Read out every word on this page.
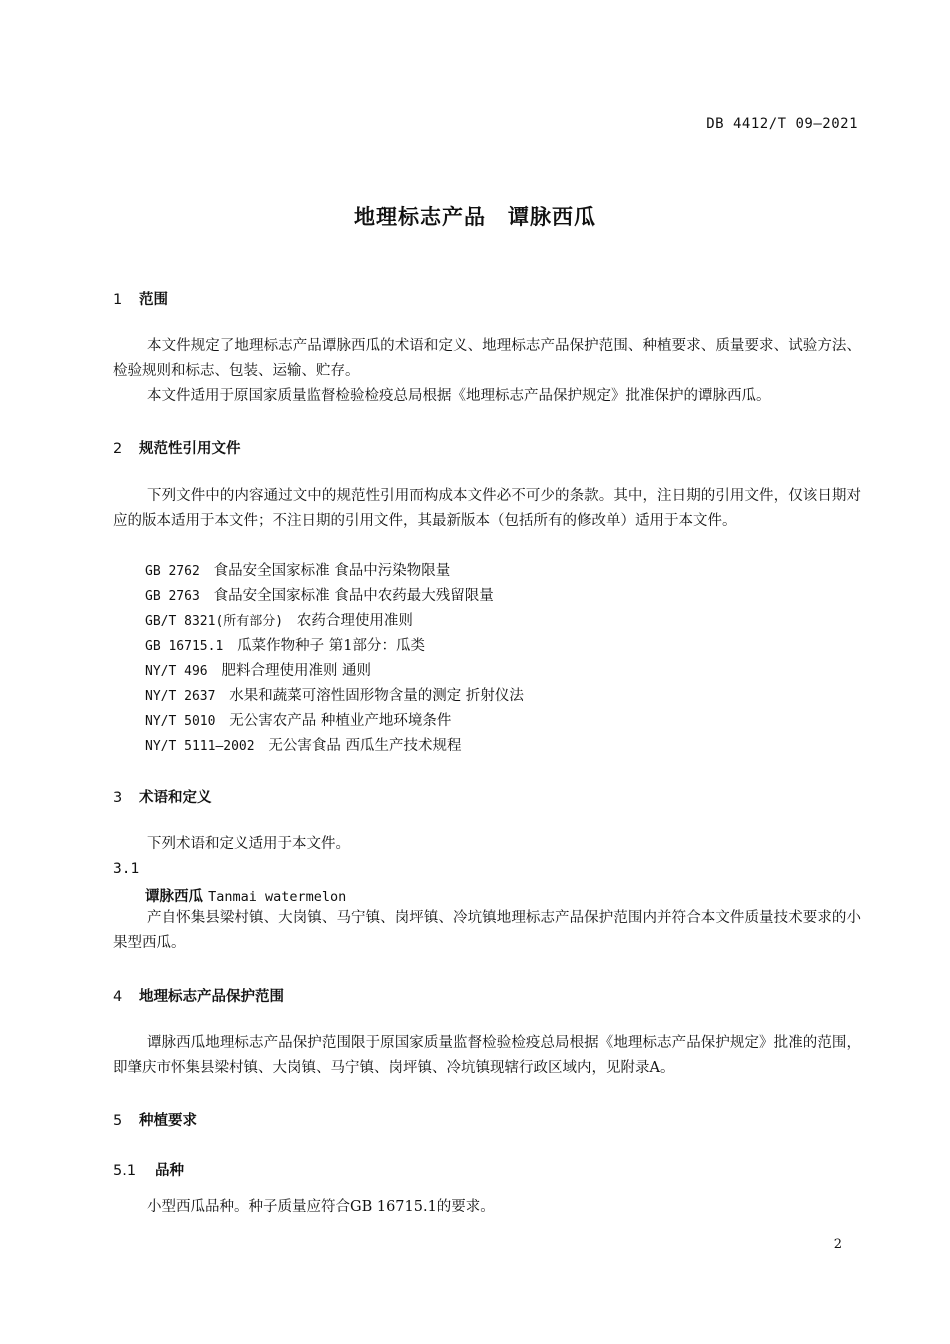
DB 4412/T 09—2021
地理标志产品　谭脉西瓜
1 范围

本文件规定了地理标志产品谭脉西瓜的术语和定义、地理标志产品保护范围、种植要求、质量要求、试验方法、检验规则和标志、包装、运输、贮存。

本文件适用于原国家质量监督检验检疫总局根据《地理标志产品保护规定》批准保护的谭脉西瓜。

2 规范性引用文件

下列文件中的内容通过文中的规范性引用而构成本文件必不可少的条款。其中，注日期的引用文件，仅该日期对应的版本适用于本文件；不注日期的引用文件，其最新版本（包括所有的修改单）适用于本文件。

GB 2762 食品安全国家标准 食品中污染物限量
GB 2763 食品安全国家标准 食品中农药最大残留限量
GB/T 8321(所有部分) 农药合理使用准则
GB 16715.1 瓜菜作物种子 第1部分：瓜类
NY/T 496 肥料合理使用准则 通则
NY/T 2637 水果和蔬菜可溶性固形物含量的测定 折射仪法
NY/T 5010 无公害农产品 种植业产地环境条件
NY/T 5111—2002 无公害食品 西瓜生产技术规程
3 术语和定义

下列术语和定义适用于本文件。

3.1
谭脉西瓜 Tanmai watermelon

产自怀集县梁村镇、大岗镇、马宁镇、岗坪镇、冷坑镇地理标志产品保护范围内并符合本文件质量技术要求的小果型西瓜。

4 地理标志产品保护范围

谭脉西瓜地理标志产品保护范围限于原国家质量监督检验检疫总局根据《地理标志产品保护规定》批准的范围，即肇庆市怀集县梁村镇、大岗镇、马宁镇、岗坪镇、冷坑镇现辖行政区域内，见附录A。

5 种植要求
5.1 品种

小型西瓜品种。种子质量应符合GB 16715.1的要求。

2
